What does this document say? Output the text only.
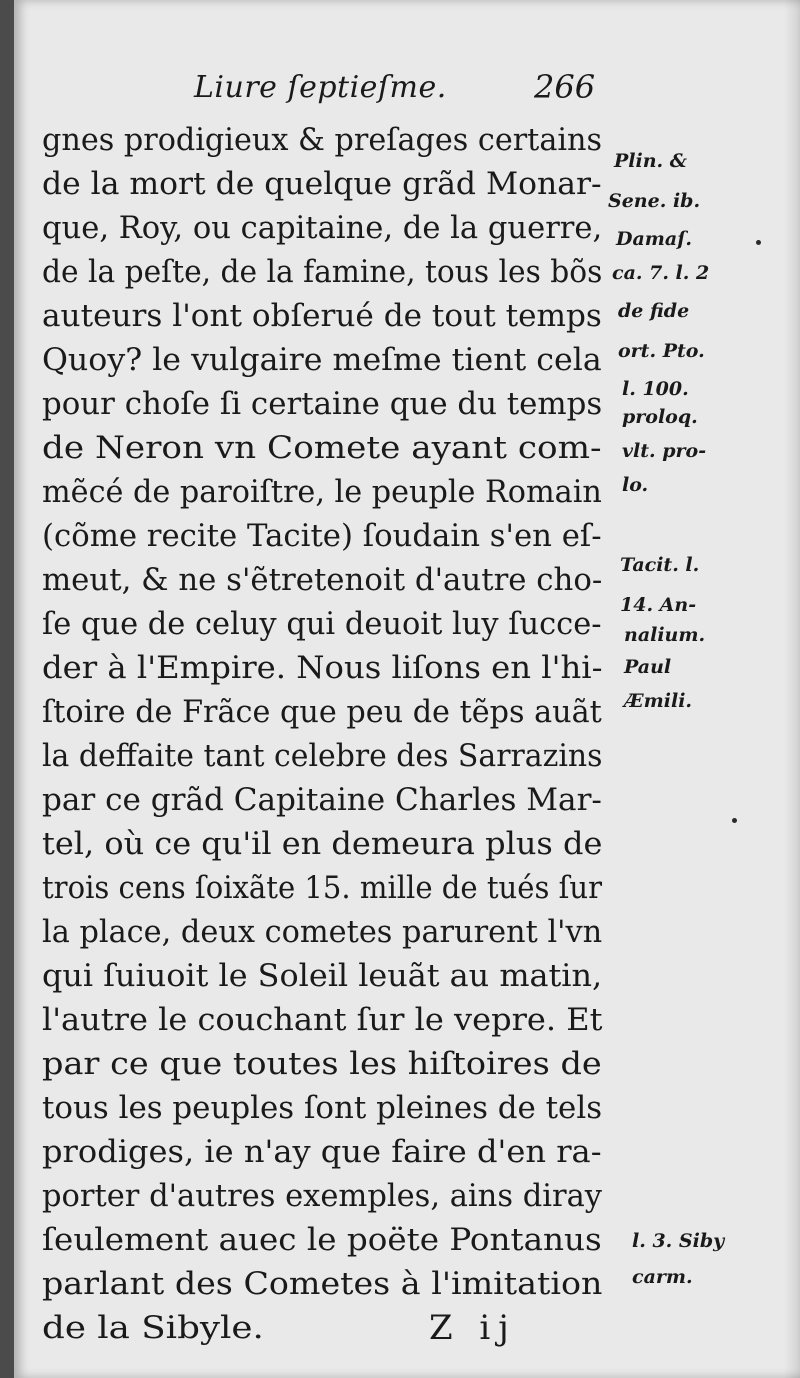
Liure ſeptieſme.	266
gnes prodigieux & preſages certains
de la mort de quelque grãd Monar-
que, Roy, ou capitaine, de la guerre,
de la peſte, de la famine, tous les bõs
auteurs l'ont obſerué de tout temps
Quoy? le vulgaire meſme tient cela
pour choſe ſi certaine que du temps
de Neron vn Comete ayant com-
mẽcé de paroiſtre, le peuple Romain
(cõme recite Tacite) ſoudain s'en eſ-
meut, & ne s'ẽtretenoit d'autre cho-
ſe que de celuy qui deuoit luy ſucce-
der à l'Empire. Nous liſons en l'hi-
ſtoire de Frãce que peu de tẽps auãt
la deffaite tant celebre des Sarrazins
par ce grãd Capitaine Charles Mar-
tel, où ce qu'il en demeura plus de
trois cens ſoixãte 15. mille de tués ſur
la place, deux cometes parurent l'vn
qui ſuiuoit le Soleil leuãt au matin,
l'autre le couchant ſur le vepre. Et
par ce que toutes les hiſtoires de
tous les peuples ſont pleines de tels
prodiges, ie n'ay que faire d'en ra-
porter d'autres exemples, ains diray
ſeulement auec le poëte Pontanus
parlant des Cometes à l'imitation
de la Sibyle.
Plin. &
Sene. ib.
Damaſ.
ca. 7. l. 2
de fide
ort. Pto.
l. 100.
proloq.
vlt. pro-
lo.
Tacit. l.
14. An-
nalium.
Paul
Æmili.
l. 3. Siby
carm.
Z ij
